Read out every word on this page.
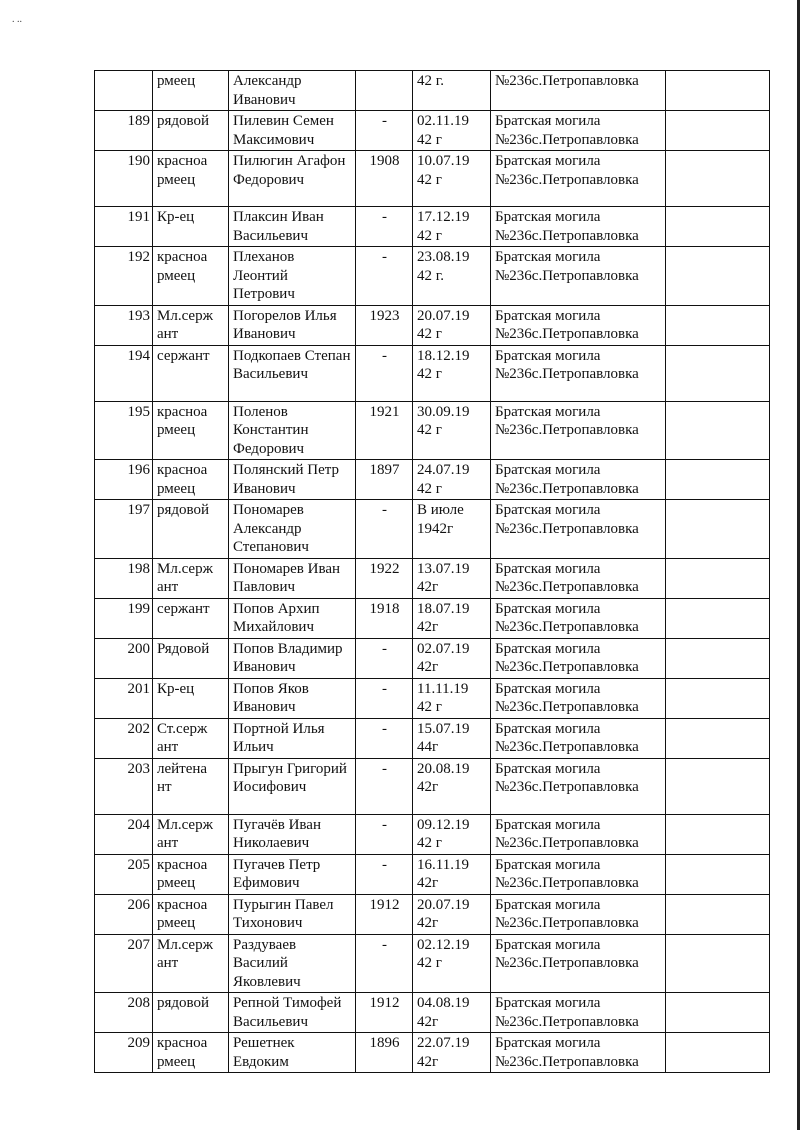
. ..
	рмеец	Александр Иванович		42 г.	№236с.Петропавловка	
189	рядовой	Пилевин Семен Максимович	-	02.11.19 42 г	Братская могила №236с.Петропавловка	
190	красноа рмеец	Пилюгин Агафон Федорович	1908	10.07.19 42 г	Братская могила №236с.Петропавловка	
191	Кр-ец	Плаксин Иван Васильевич	-	17.12.19 42 г	Братская могила №236с.Петропавловка	
192	красноа рмеец	Плеханов Леонтий Петрович	-	23.08.19 42 г.	Братская могила №236с.Петропавловка	
193	Мл.серж ант	Погорелов Илья Иванович	1923	20.07.19 42 г	Братская могила №236с.Петропавловка	
194	сержант	Подкопаев Степан Васильевич	-	18.12.19 42 г	Братская могила №236с.Петропавловка	
195	красноа рмеец	Поленов Константин Федорович	1921	30.09.19 42 г	Братская могила №236с.Петропавловка	
196	красноа рмеец	Полянский Петр Иванович	1897	24.07.19 42 г	Братская могила №236с.Петропавловка	
197	рядовой	Пономарев Александр Степанович	-	В июле 1942г	Братская могила №236с.Петропавловка	
198	Мл.серж ант	Пономарев Иван Павлович	1922	13.07.19 42г	Братская могила №236с.Петропавловка	
199	сержант	Попов Архип Михайлович	1918	18.07.19 42г	Братская могила №236с.Петропавловка	
200	Рядовой	Попов Владимир Иванович	-	02.07.19 42г	Братская могила №236с.Петропавловка	
201	Кр-ец	Попов Яков Иванович	-	11.11.19 42 г	Братская могила №236с.Петропавловка	
202	Ст.серж ант	Портной Илья Ильич	-	15.07.19 44г	Братская могила №236с.Петропавловка	
203	лейтена нт	Прыгун Григорий Иосифович	-	20.08.19 42г	Братская могила №236с.Петропавловка	
204	Мл.серж ант	Пугачёв Иван Николаевич	-	09.12.19 42 г	Братская могила №236с.Петропавловка	
205	красноа рмеец	Пугачев Петр Ефимович	-	16.11.19 42г	Братская могила №236с.Петропавловка	
206	красноа рмеец	Пурыгин Павел Тихонович	1912	20.07.19 42г	Братская могила №236с.Петропавловка	
207	Мл.серж ант	Раздуваев Василий Яковлевич	-	02.12.19 42 г	Братская могила №236с.Петропавловка	
208	рядовой	Репной Тимофей Васильевич	1912	04.08.19 42г	Братская могила №236с.Петропавловка	
209	красноа рмеец	Решетнек Евдоким	1896	22.07.19 42г	Братская могила №236с.Петропавловка	
